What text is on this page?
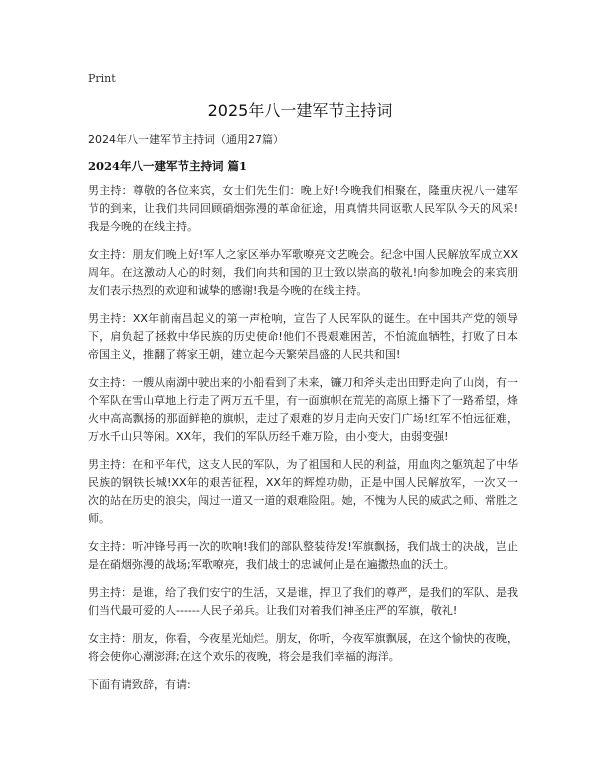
Print
2025年八一建军节主持词
2024年八一建军节主持词（通用27篇）
2024年八一建军节主持词 篇1

男主持：尊敬的各位来宾，女士们先生们：晚上好!今晚我们相聚在，隆重庆祝八一建军节的到来，让我们共同回顾硝烟弥漫的革命征途，用真情共同讴歌人民军队今天的风采!我是今晚的在线主持。

女主持：朋友们晚上好!军人之家区举办军歌嘹亮文艺晚会。纪念中国人民解放军成立XX周年。在这激动人心的时刻，我们向共和国的卫士致以崇高的敬礼!向参加晚会的来宾朋友们表示热烈的欢迎和诚挚的感谢!我是今晚的在线主持。

男主持：XX年前南昌起义的第一声枪响，宣告了人民军队的诞生。在中国共产党的领导下，肩负起了拯救中华民族的历史使命!他们不畏艰难困苦，不怕流血牺牲，打败了日本帝国主义，推翻了蒋家王朝，建立起今天繁荣昌盛的人民共和国!

女主持：一艘从南湖中驶出来的小船看到了未来，镰刀和斧头走出田野走向了山岗，有一个军队在雪山草地上行走了两万五千里，有一面旗帜在荒芜的高原上播下了一路希望，烽火中高高飘扬的那面鲜艳的旗帜，走过了艰难的岁月走向天安门广场!红军不怕远征难，万水千山只等闲。XX年，我们的军队历经千难万险，由小变大，由弱变强!

男主持：在和平年代，这支人民的军队，为了祖国和人民的利益，用血肉之躯筑起了中华民族的钢铁长城!XX年的艰苦征程，XX年的辉煌功勋，正是中国人民解放军，一次又一次的站在历史的浪尖，闯过一道又一道的艰难险阻。她，不愧为人民的威武之师、常胜之师。

女主持：听冲锋号再一次的吹响!我们的部队整装待发!军旗飘扬，我们战士的决战，岂止是在硝烟弥漫的战场;军歌嘹亮，我们战士的忠诚何止是在遍撒热血的沃土。

男主持：是谁，给了我们安宁的生活，又是谁，捍卫了我们的尊严，是我们的军队、是我们当代最可爱的人------人民子弟兵。让我们对着我们神圣庄严的军旗，敬礼!

女主持：朋友，你看，今夜星光灿烂。朋友，你听，今夜军旗飘展，在这个愉快的夜晚，将会使你心潮澎湃;在这个欢乐的夜晚，将会是我们幸福的海洋。

下面有请致辞，有请:
